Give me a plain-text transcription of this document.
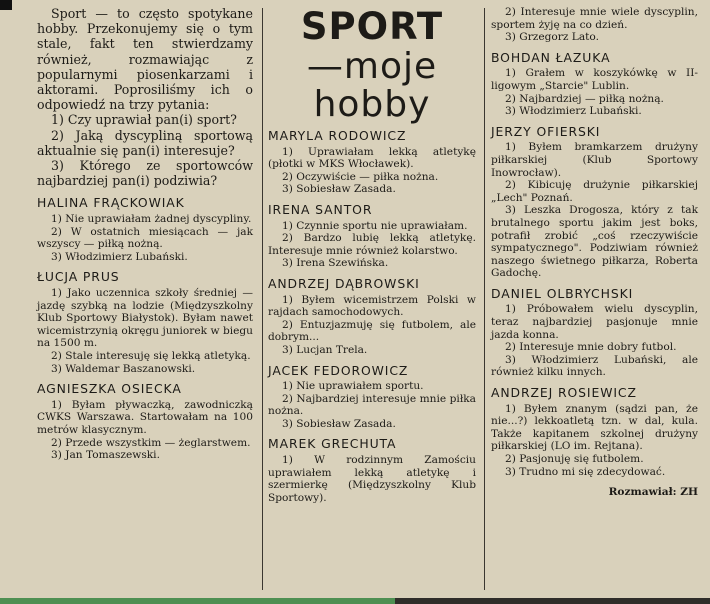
Sport — to często spotykane hobby. Przekonujemy się o tym stale, fakt ten stwierdzamy również, rozmawiając z popularnymi piosenkarzami i aktorami. Poprosiliśmy ich o odpowiedź na trzy pytania:

1) Czy uprawiał pan(i) sport?

2) Jaką dyscypliną sportową aktualnie się pan(i) interesuje?

3) Którego ze sportowców najbardziej pan(i) podziwia?

HALINA FRĄCKOWIAK

1) Nie uprawiałam żadnej dyscypliny.

2) W ostatnich miesiącach — jak wszyscy — piłką nożną.

3) Włodzimierz Lubański.

ŁUCJA PRUS

1) Jako uczennica szkoły średniej — jazdę szybką na lodzie (Międzyszkolny Klub Sportowy Białystok). Byłam nawet wicemistrzynią okręgu juniorek w biegu na 1500 m.

2) Stale interesuję się lekką atletyką.

3) Waldemar Baszanowski.

AGNIESZKA OSIECKA

1) Byłam pływaczką, zawodniczką CWKS Warszawa. Startowałam na 100 metrów klasycznym.

2) Przede wszystkim — żeglarstwem.

3) Jan Tomaszewski.

SPORT
—moje
hobby
MARYLA RODOWICZ

1) Uprawiałam lekką atletykę (płotki w MKS Włocławek).

2) Oczywiście — piłka nożna.

3) Sobiesław Zasada.

IRENA SANTOR

1) Czynnie sportu nie uprawiałam.

2) Bardzo lubię lekką atletykę. Interesuje mnie również kolarstwo.

3) Irena Szewińska.

ANDRZEJ DĄBROWSKI

1) Byłem wicemistrzem Polski w rajdach samochodowych.

2) Entuzjazmuję się futbolem, ale dobrym...

3) Lucjan Trela.

JACEK FEDOROWICZ

1) Nie uprawiałem sportu.

2) Najbardziej interesuje mnie piłka nożna.

3) Sobiesław Zasada.

MAREK GRECHUTA

1) W rodzinnym Zamościu uprawiałem lekką atletykę i szermierkę (Międzyszkolny Klub Sportowy).

2) Interesuje mnie wiele dyscyplin, sportem żyję na co dzień.

3) Grzegorz Lato.

BOHDAN ŁAZUKA

1) Grałem w koszykówkę w II-ligowym „Starcie" Lublin.

2) Najbardziej — piłką nożną.

3) Włodzimierz Lubański.

JERZY OFIERSKI

1) Byłem bramkarzem drużyny piłkarskiej (Klub Sportowy Inowrocław).

2) Kibicuję drużynie piłkarskiej „Lech" Poznań.

3) Leszka Drogosza, który z tak brutalnego sportu jakim jest boks, potrafił zrobić „coś rzeczywiście sympatycznego". Podziwiam również naszego świetnego piłkarza, Roberta Gadochę.

DANIEL OLBRYCHSKI

1) Próbowałem wielu dyscyplin, teraz najbardziej pasjonuje mnie jazda konna.

2) Interesuje mnie dobry futbol.

3) Włodzimierz Lubański, ale również kilku innych.

ANDRZEJ ROSIEWICZ

1) Byłem znanym (sądzi pan, że nie...?) lekkoatletą tzn. w dal, kula. Także kapitanem szkolnej drużyny piłkarskiej (LO im. Rejtana).

2) Pasjonuję się futbolem.

3) Trudno mi się zdecydować.

Rozmawiał: ZH
